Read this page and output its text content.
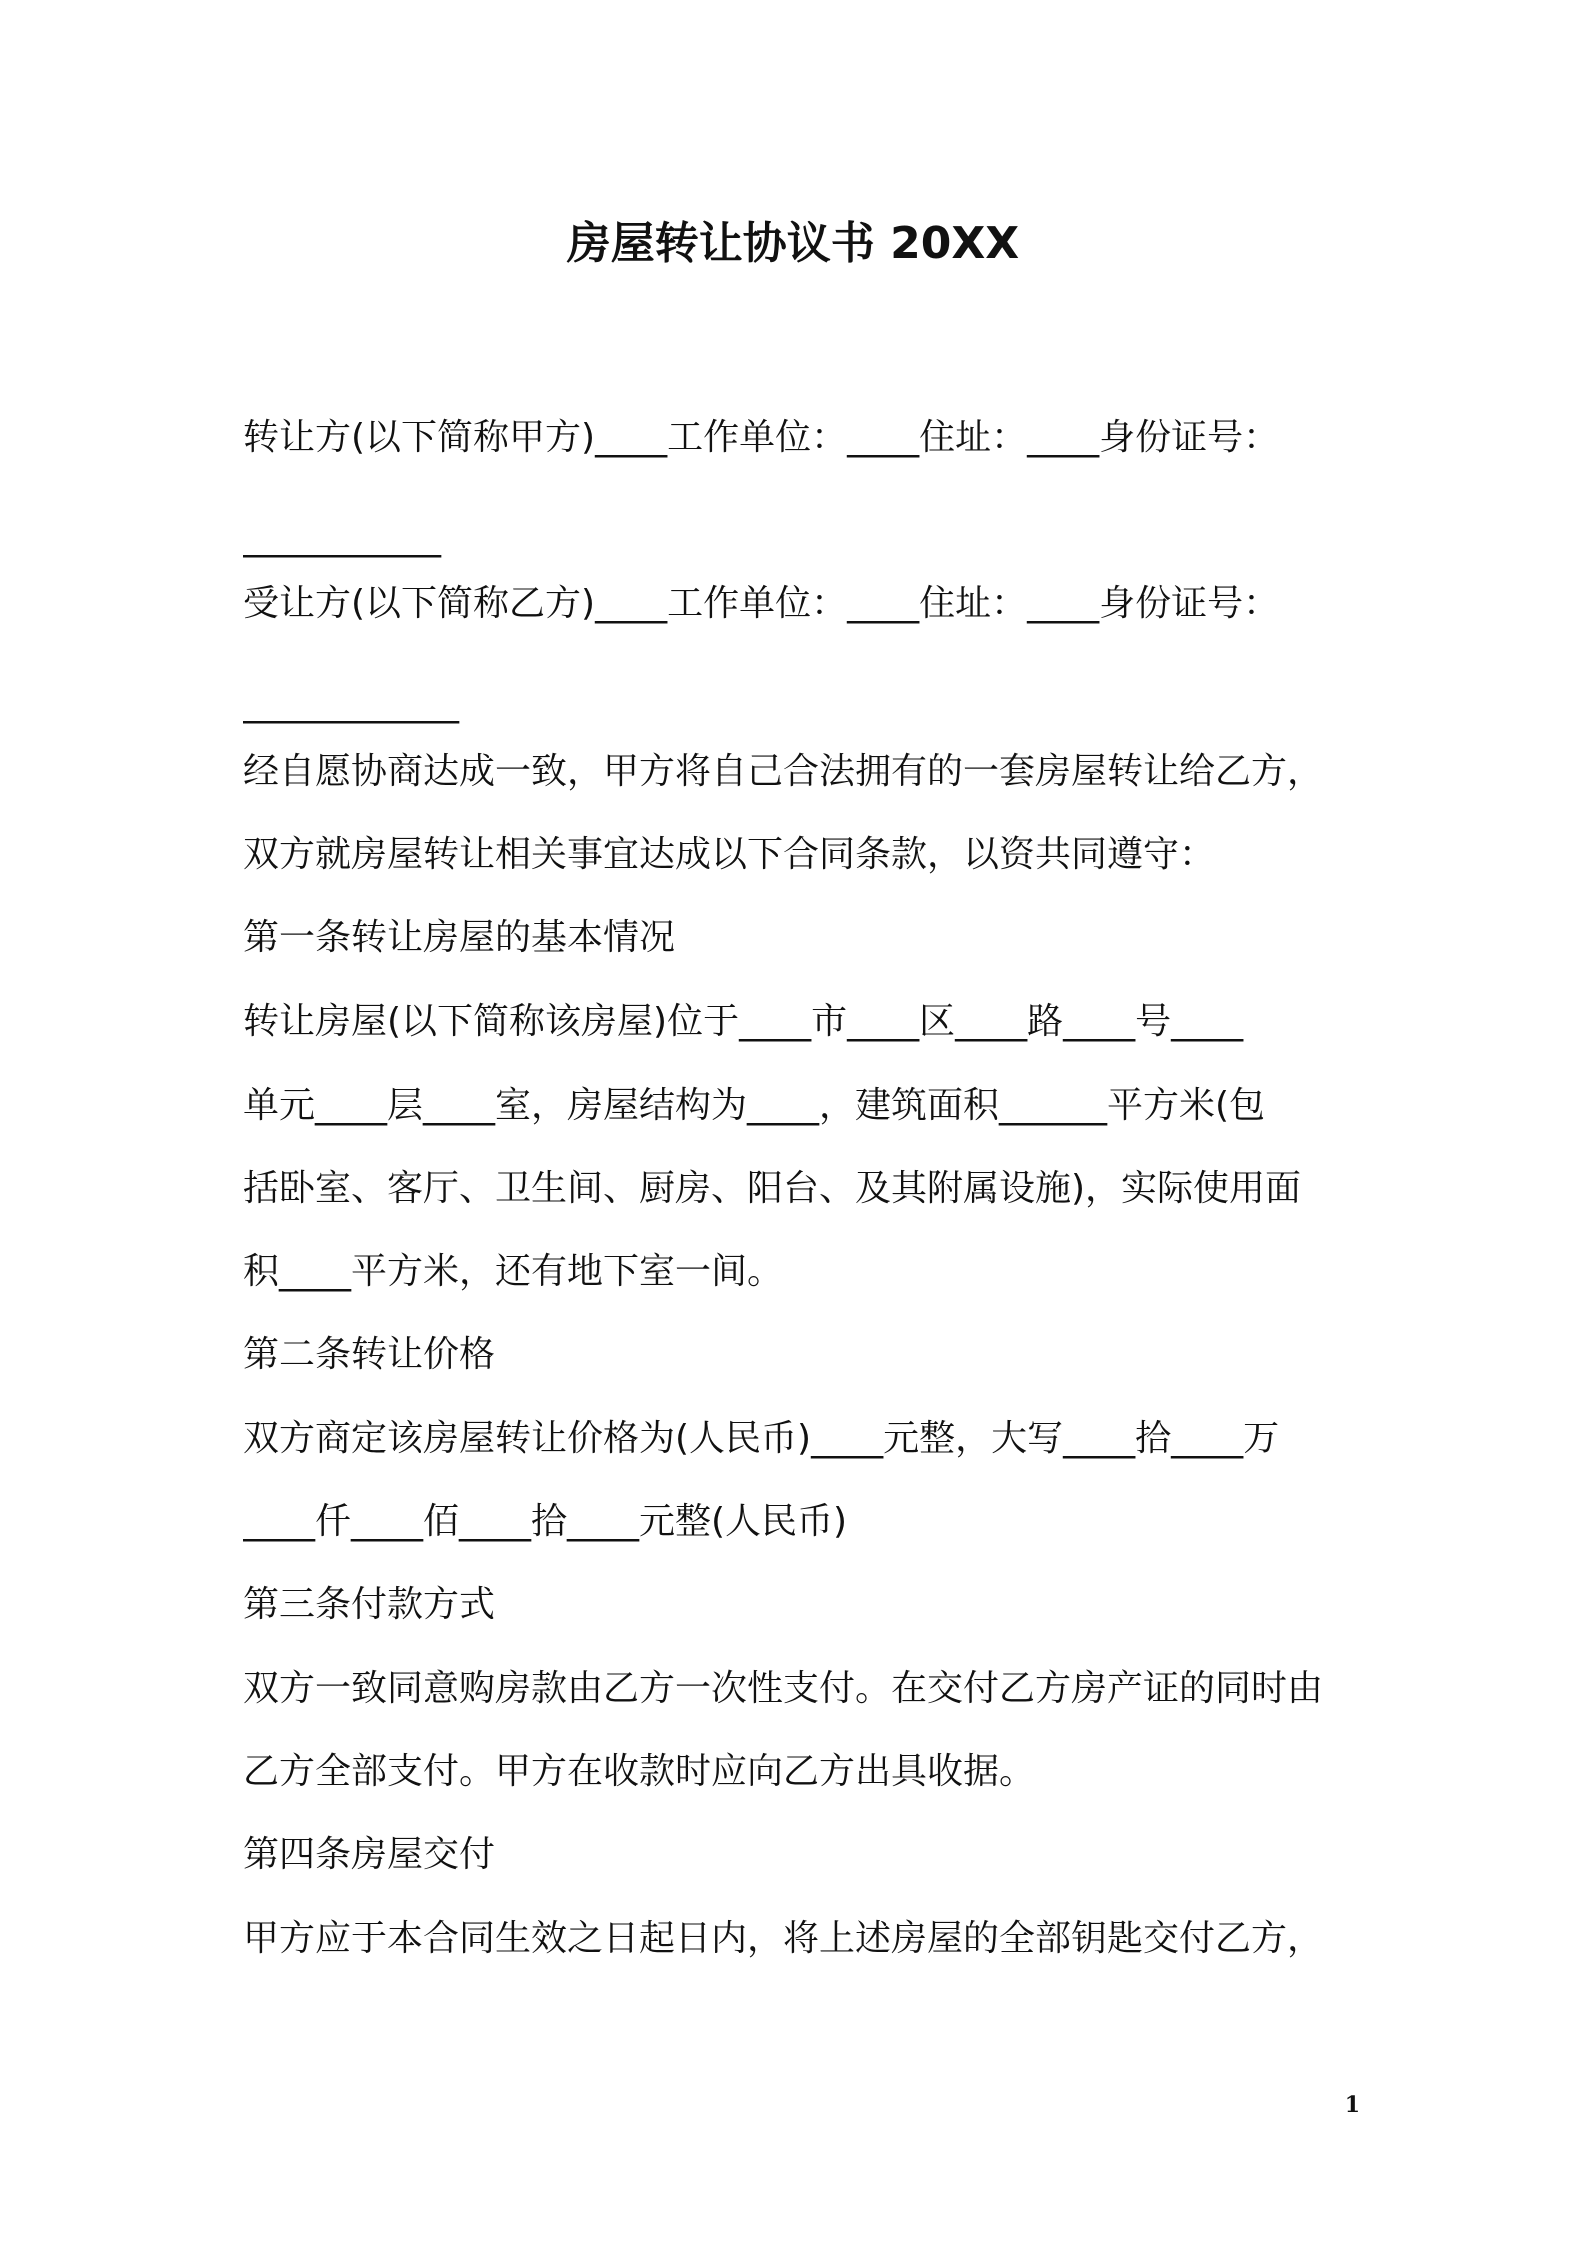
房屋转让协议书 20XX
转让方(以下简称甲方)____工作单位：____住址：____身份证号：
___________
受让方(以下简称乙方)____工作单位：____住址：____身份证号：
____________
经自愿协商达成一致，甲方将自己合法拥有的一套房屋转让给乙方，
双方就房屋转让相关事宜达成以下合同条款，以资共同遵守：
第一条转让房屋的基本情况
转让房屋(以下简称该房屋)位于____市____区____路____号____
单元____层____室，房屋结构为____，建筑面积______平方米(包
括卧室、客厅、卫生间、厨房、阳台、及其附属设施)，实际使用面
积____平方米，还有地下室一间。
第二条转让价格
双方商定该房屋转让价格为(人民币)____元整，大写____拾____万
____仟____佰____拾____元整(人民币)
第三条付款方式
双方一致同意购房款由乙方一次性支付。在交付乙方房产证的同时由
乙方全部支付。甲方在收款时应向乙方出具收据。
第四条房屋交付
甲方应于本合同生效之日起日内，将上述房屋的全部钥匙交付乙方，
1
